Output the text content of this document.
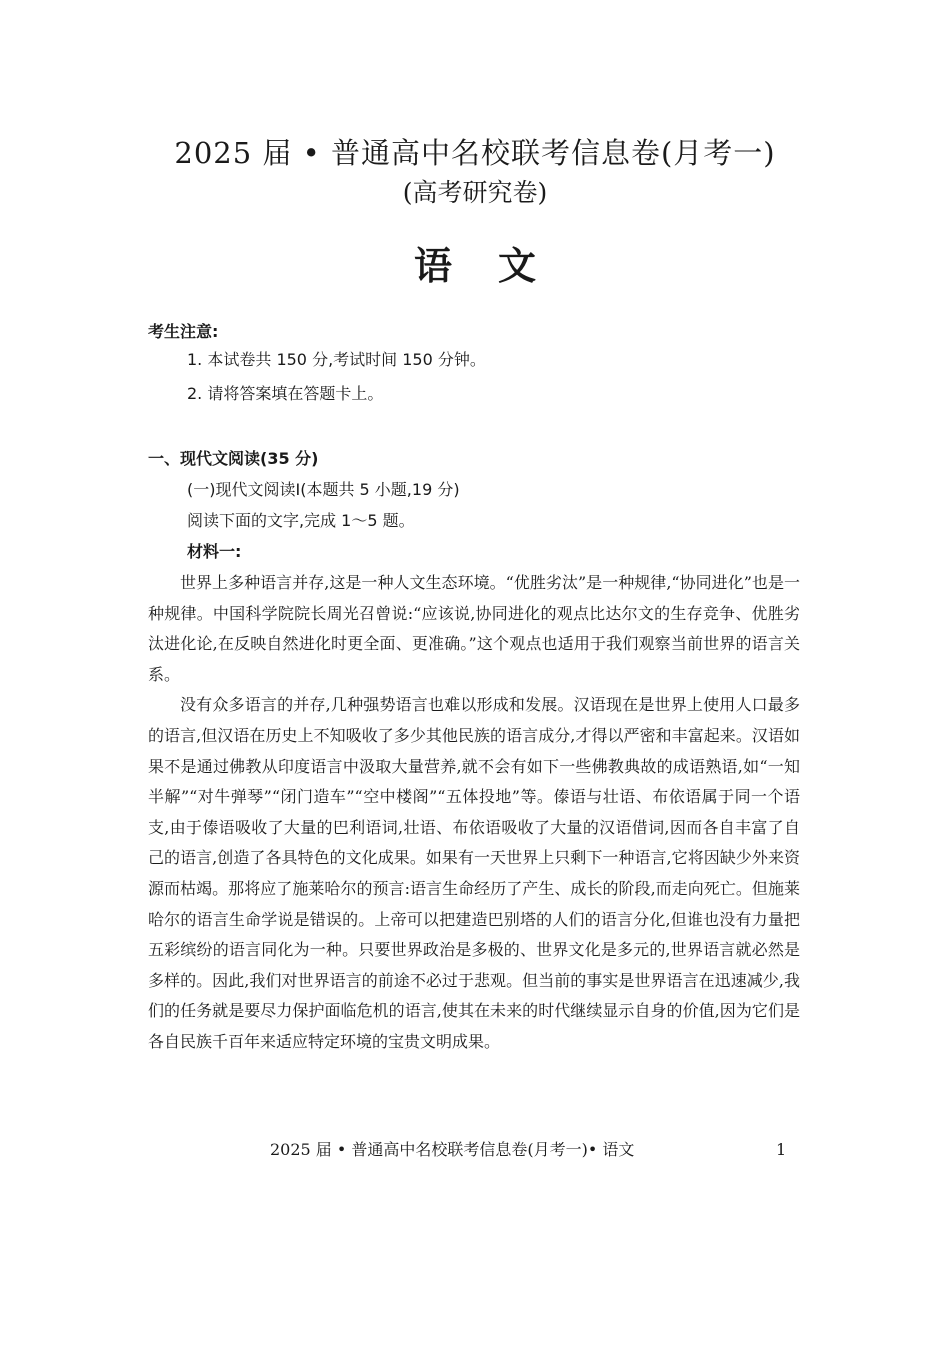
2025 届 • 普通高中名校联考信息卷(月考一)
(高考研究卷)
语文
考生注意:
1. 本试卷共 150 分,考试时间 150 分钟。
2. 请将答案填在答题卡上。
一、现代文阅读(35 分)
(一)现代文阅读Ⅰ(本题共 5 小题,19 分)
阅读下面的文字,完成 1～5 题。
材料一:

世界上多种语言并存,这是一种人文生态环境。“优胜劣汰”是一种规律,“协同进化”也是一种规律。中国科学院院长周光召曾说:“应该说,协同进化的观点比达尔文的生存竞争、优胜劣汰进化论,在反映自然进化时更全面、更准确。”这个观点也适用于我们观察当前世界的语言关系。

没有众多语言的并存,几种强势语言也难以形成和发展。汉语现在是世界上使用人口最多的语言,但汉语在历史上不知吸收了多少其他民族的语言成分,才得以严密和丰富起来。汉语如果不是通过佛教从印度语言中汲取大量营养,就不会有如下一些佛教典故的成语熟语,如“一知半解”“对牛弹琴”“闭门造车”“空中楼阁”“五体投地”等。傣语与壮语、布依语属于同一个语支,由于傣语吸收了大量的巴利语词,壮语、布依语吸收了大量的汉语借词,因而各自丰富了自己的语言,创造了各具特色的文化成果。如果有一天世界上只剩下一种语言,它将因缺少外来资源而枯竭。那将应了施莱哈尔的预言:语言生命经历了产生、成长的阶段,而走向死亡。但施莱哈尔的语言生命学说是错误的。上帝可以把建造巴别塔的人们的语言分化,但谁也没有力量把五彩缤纷的语言同化为一种。只要世界政治是多极的、世界文化是多元的,世界语言就必然是多样的。因此,我们对世界语言的前途不必过于悲观。但当前的事实是世界语言在迅速减少,我们的任务就是要尽力保护面临危机的语言,使其在未来的时代继续显示自身的价值,因为它们是各自民族千百年来适应特定环境的宝贵文明成果。

2025 届 • 普通高中名校联考信息卷(月考一)• 语文	1
